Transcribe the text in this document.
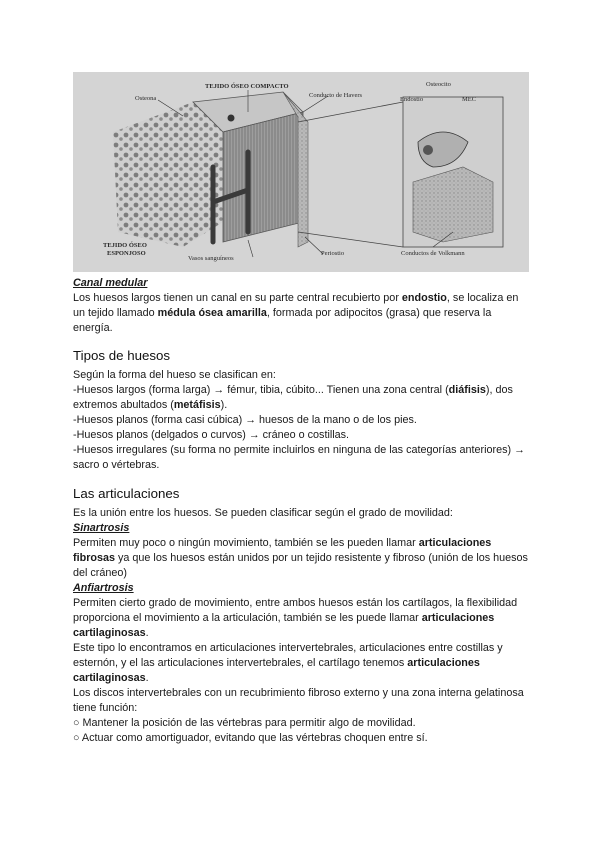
Osteona
TEJIDO ÓSEO COMPACTO
Conducto de Havers
Osteocito
Endostio	MEC
TEJIDO ÓSEO
ESPONJOSO
Vasos sanguíneos
Periostio	Conductos de Volkmann

Canal medular

Los huesos largos tienen un canal en su parte central recubierto por endostio, se localiza en un tejido llamado médula ósea amarilla, formada por adipocitos (grasa) que reserva la energía.

Tipos de huesos

Según la forma del hueso se clasifican en:

-Huesos largos (forma larga) → fémur, tibia, cúbito... Tienen una zona central (diáfisis), dos extremos abultados (metáfisis).

-Huesos planos (forma casi cúbica) → huesos de la mano o de los pies.

-Huesos planos (delgados o curvos) → cráneo o costillas.

-Huesos irregulares (su forma no permite incluirlos en ninguna de las categorías anteriores) → sacro o vértebras.

Las articulaciones

Es la unión entre los huesos. Se pueden clasificar según el grado de movilidad:

Sinartrosis

Permiten muy poco o ningún movimiento, también se les pueden llamar articulaciones fibrosas ya que los huesos están unidos por un tejido resistente y fibroso (unión de los huesos del cráneo)

Anfiartrosis

Permiten cierto grado de movimiento, entre ambos huesos están los cartílagos, la flexibilidad proporciona el movimiento a la articulación, también se les puede llamar articulaciones cartilaginosas.

Este tipo lo encontramos en articulaciones intervertebrales, articulaciones entre costillas y esternón, y el las articulaciones intervertebrales, el cartílago tenemos articulaciones cartilaginosas.

Los discos intervertebrales con un recubrimiento fibroso externo y una zona interna gelatinosa tiene función:

○ Mantener la posición de las vértebras para permitir algo de movilidad.

○ Actuar como amortiguador, evitando que las vértebras choquen entre sí.
